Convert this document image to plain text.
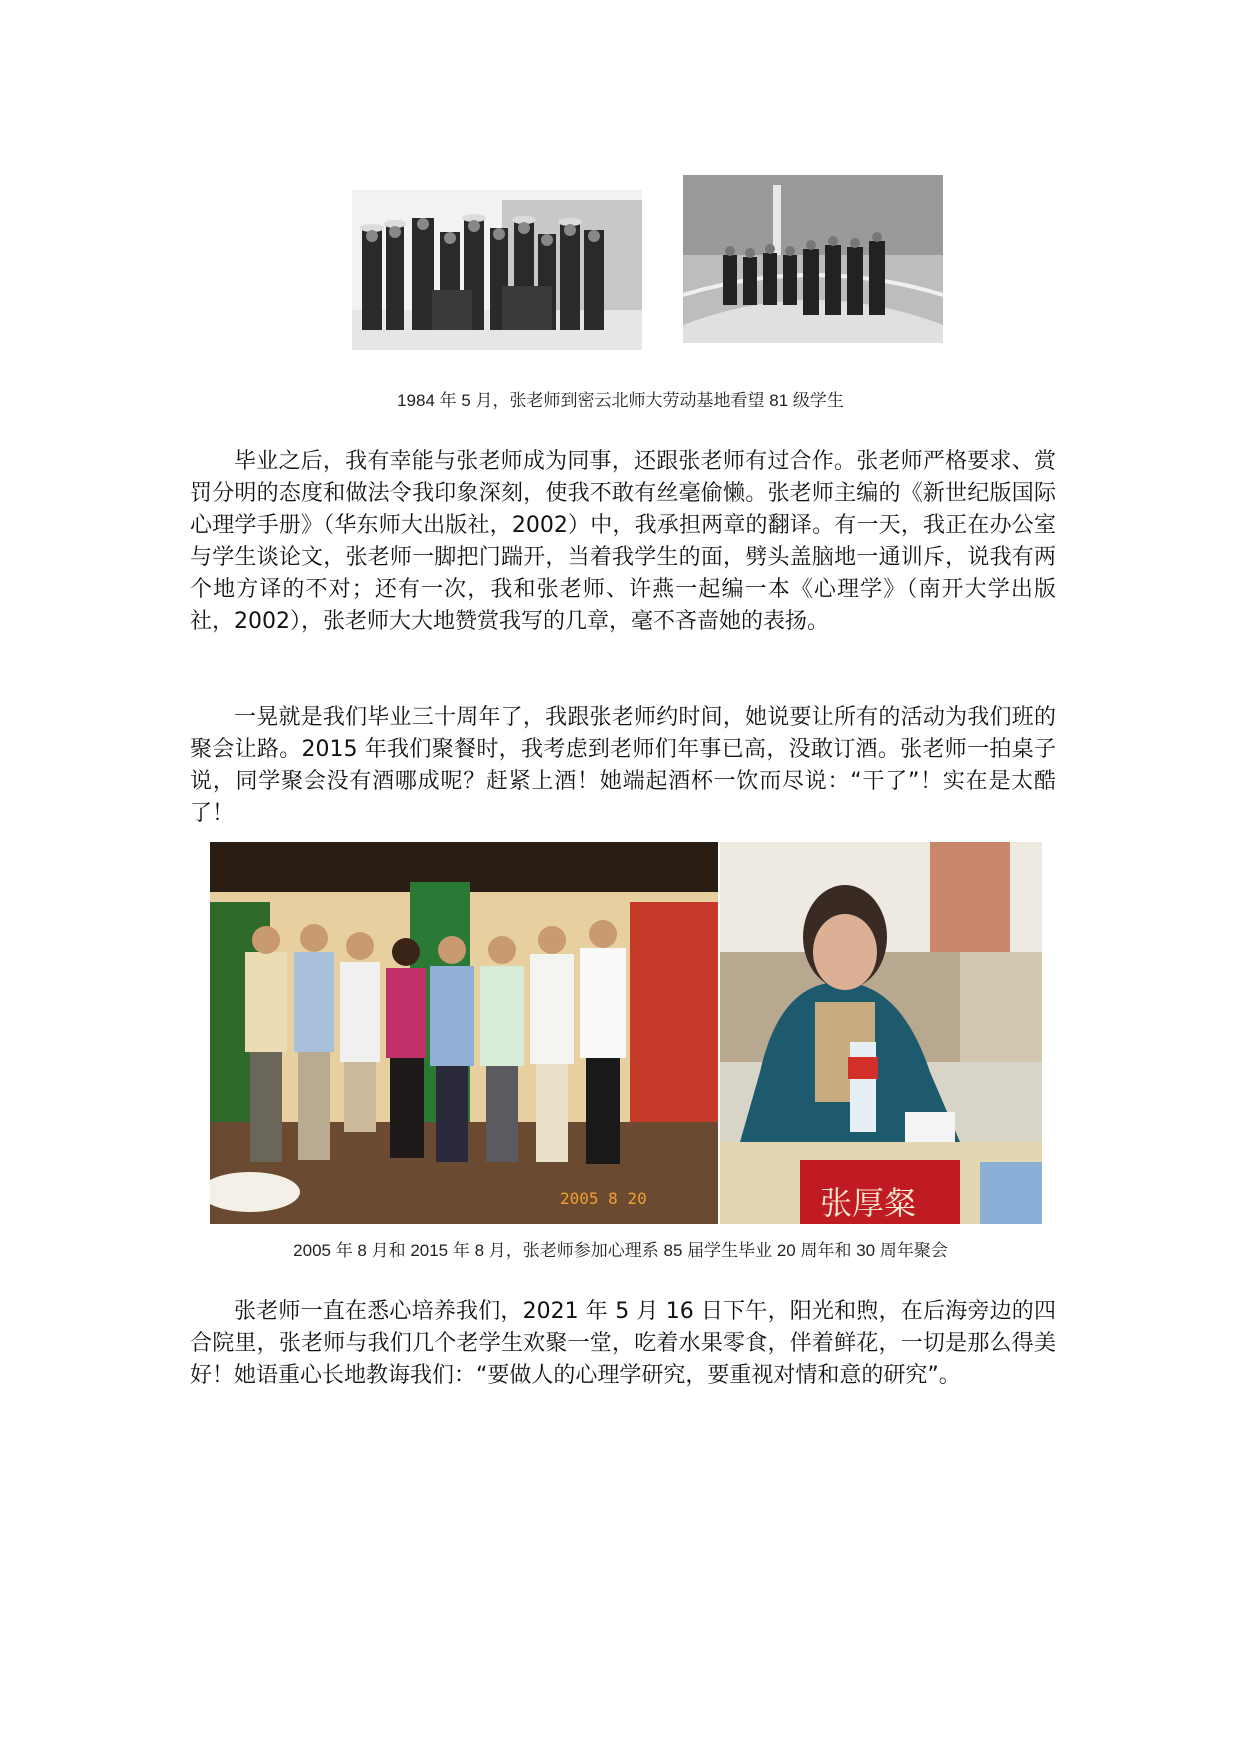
1984 年 5 月，张老师到密云北师大劳动基地看望 81 级学生

毕业之后，我有幸能与张老师成为同事，还跟张老师有过合作。张老师严格要求、赏罚分明的态度和做法令我印象深刻，使我不敢有丝毫偷懒。张老师主编的《新世纪版国际心理学手册》（华东师大出版社，2002）中，我承担两章的翻译。有一天，我正在办公室与学生谈论文，张老师一脚把门踹开，当着我学生的面，劈头盖脑地一通训斥，说我有两个地方译的不对；还有一次，我和张老师、许燕一起编一本《心理学》（南开大学出版社，2002），张老师大大地赞赏我写的几章，毫不吝啬她的表扬。

一晃就是我们毕业三十周年了，我跟张老师约时间，她说要让所有的活动为我们班的聚会让路。2015 年我们聚餐时，我考虑到老师们年事已高，没敢订酒。张老师一拍桌子说，同学聚会没有酒哪成呢？赶紧上酒！她端起酒杯一饮而尽说：“干了”！实在是太酷了！

2005 8 20	张厚粲
2005 年 8 月和 2015 年 8 月，张老师参加心理系 85 届学生毕业 20 周年和 30 周年聚会

张老师一直在悉心培养我们，2021 年 5 月 16 日下午，阳光和煦，在后海旁边的四合院里，张老师与我们几个老学生欢聚一堂，吃着水果零食，伴着鲜花，一切是那么得美好！她语重心长地教诲我们：“要做人的心理学研究，要重视对情和意的研究”。
